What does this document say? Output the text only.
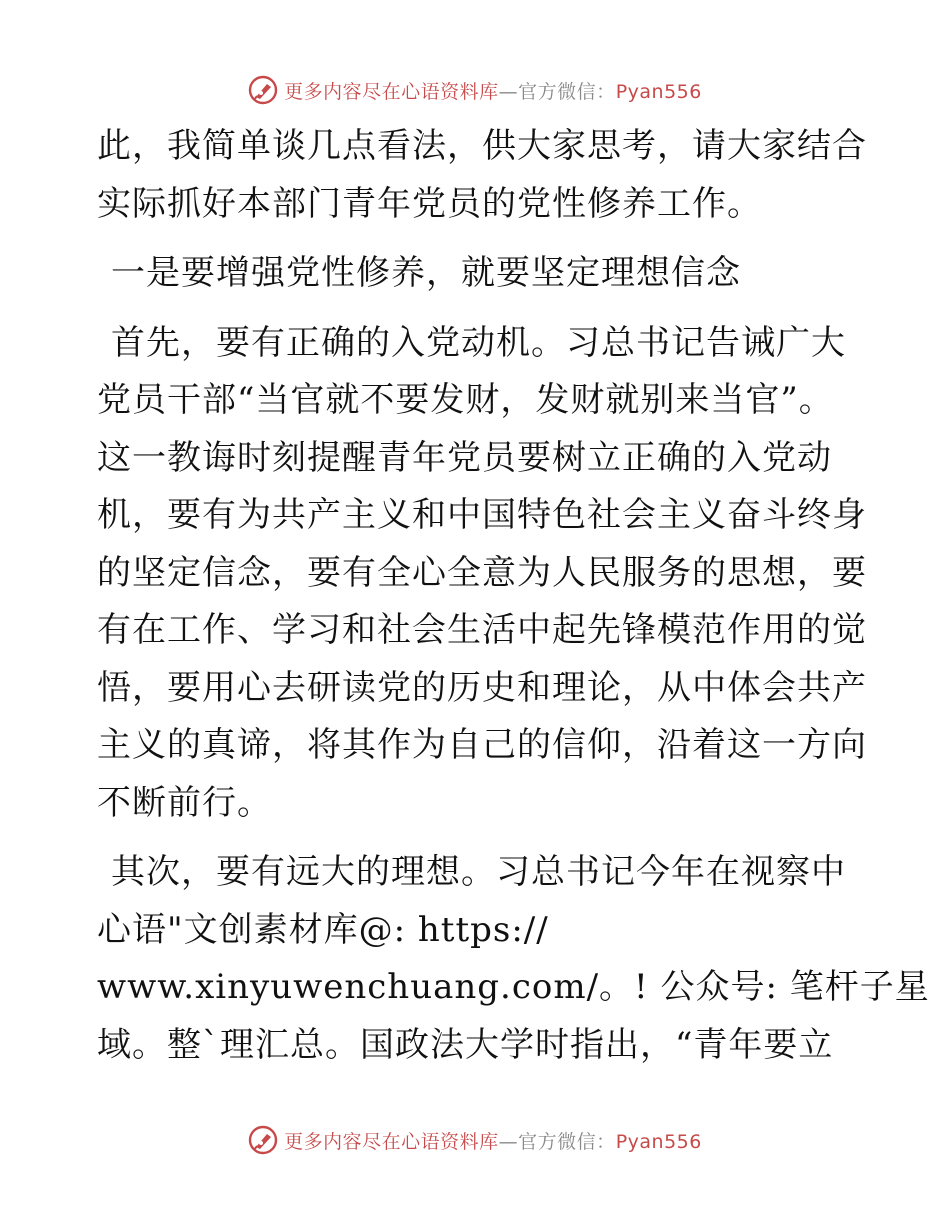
更多内容尽在心语资料库—官方微信：Pyan556
此，我简单谈几点看法，供大家思考，请大家结合
实际抓好本部门青年党员的党性修养工作。
一是要增强党性修养，就要坚定理想信念
首先，要有正确的入党动机。习总书记告诫广大
党员干部“当官就不要发财，发财就别来当官”。
这一教诲时刻提醒青年党员要树立正确的入党动
机，要有为共产主义和中国特色社会主义奋斗终身
的坚定信念，要有全心全意为人民服务的思想，要
有在工作、学习和社会生活中起先锋模范作用的觉
悟，要用心去研读党的历史和理论，从中体会共产
主义的真谛，将其作为自己的信仰，沿着这一方向
不断前行。
其次，要有远大的理想。习总书记今年在视察中
心语"文创素材库@: https://
www.xinyuwenchuang.com/。! 公众号: 笔杆子星
域。整`理汇总。国政法大学时指出，“青年要立
更多内容尽在心语资料库—官方微信：Pyan556
